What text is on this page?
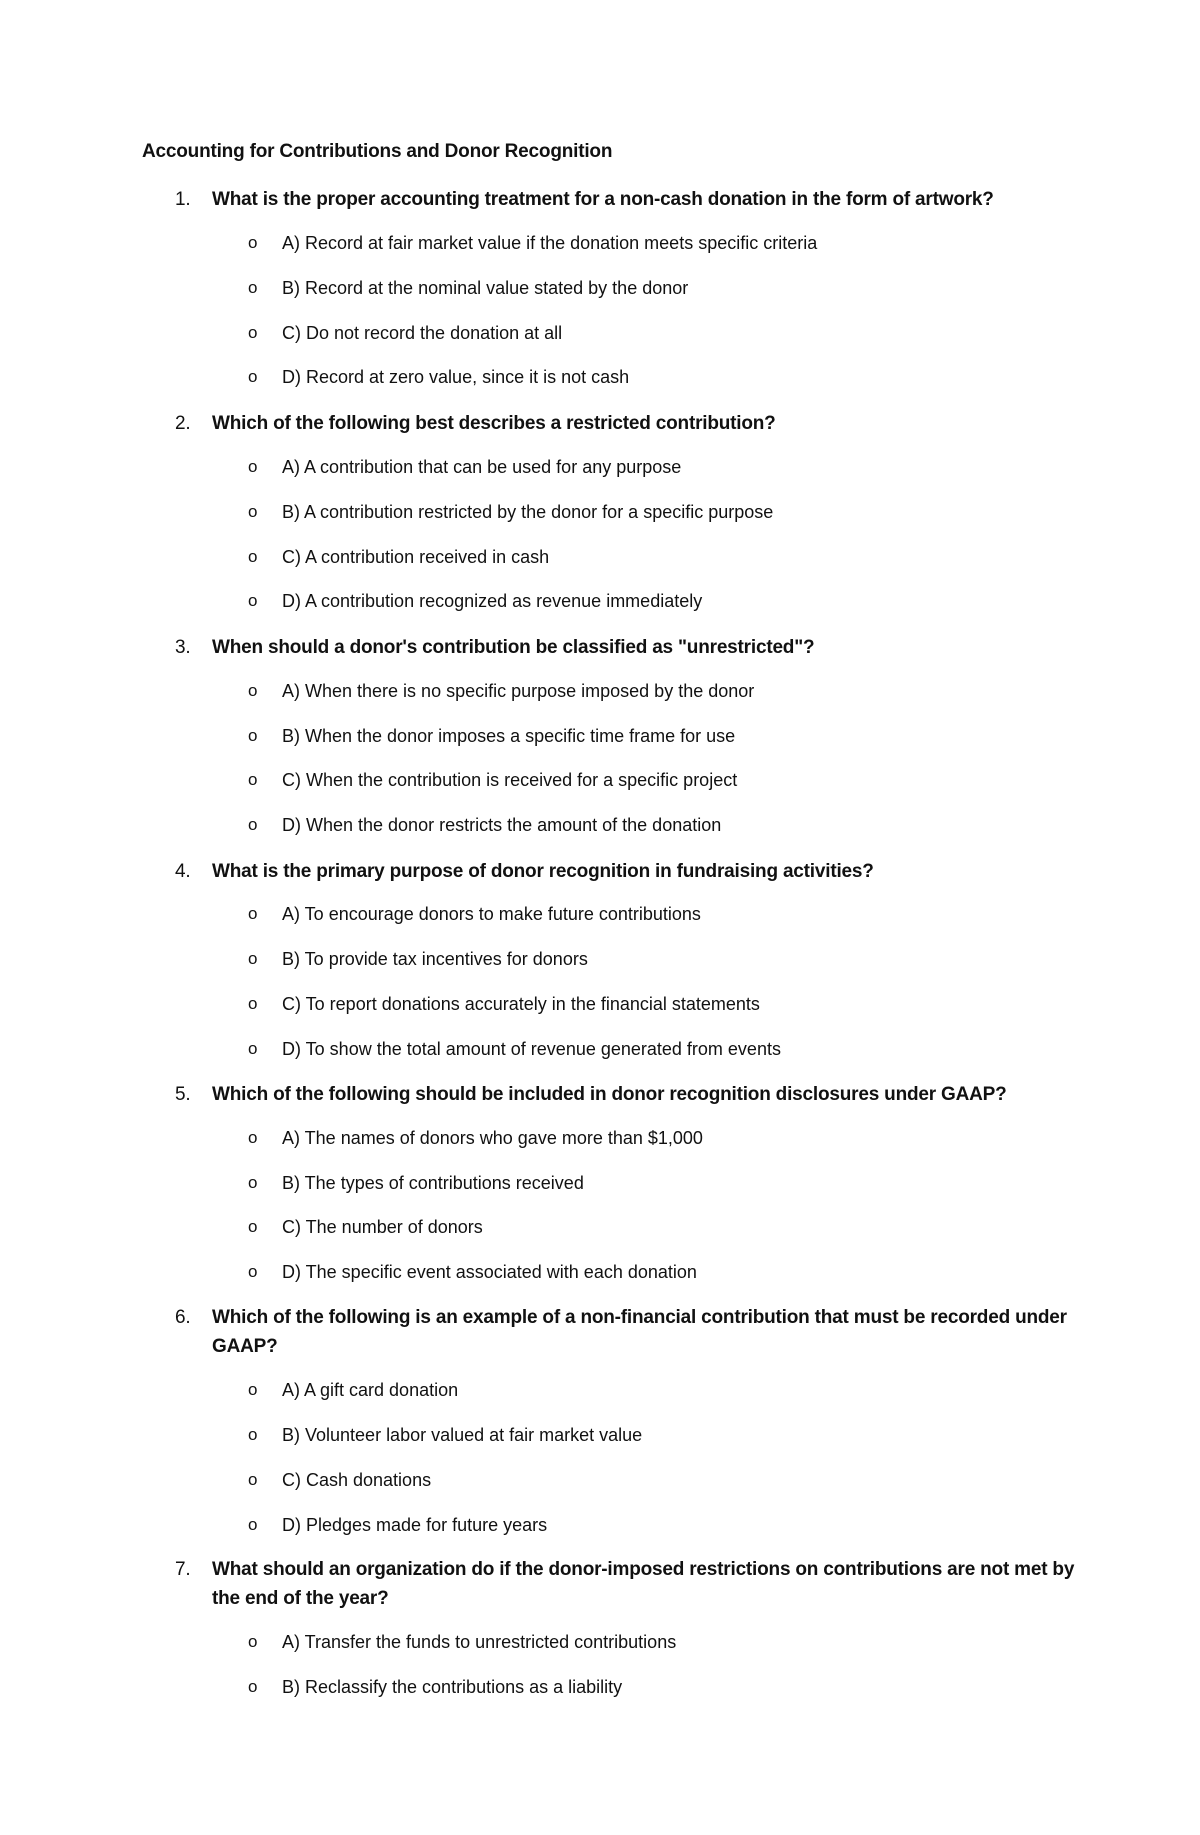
Accounting for Contributions and Donor Recognition
1. What is the proper accounting treatment for a non-cash donation in the form of artwork?
o A) Record at fair market value if the donation meets specific criteria
o B) Record at the nominal value stated by the donor
o C) Do not record the donation at all
o D) Record at zero value, since it is not cash
2. Which of the following best describes a restricted contribution?
o A) A contribution that can be used for any purpose
o B) A contribution restricted by the donor for a specific purpose
o C) A contribution received in cash
o D) A contribution recognized as revenue immediately
3. When should a donor's contribution be classified as "unrestricted"?
o A) When there is no specific purpose imposed by the donor
o B) When the donor imposes a specific time frame for use
o C) When the contribution is received for a specific project
o D) When the donor restricts the amount of the donation
4. What is the primary purpose of donor recognition in fundraising activities?
o A) To encourage donors to make future contributions
o B) To provide tax incentives for donors
o C) To report donations accurately in the financial statements
o D) To show the total amount of revenue generated from events
5. Which of the following should be included in donor recognition disclosures under GAAP?
o A) The names of donors who gave more than $1,000
o B) The types of contributions received
o C) The number of donors
o D) The specific event associated with each donation
6. Which of the following is an example of a non-financial contribution that must be recorded under GAAP?
o A) A gift card donation
o B) Volunteer labor valued at fair market value
o C) Cash donations
o D) Pledges made for future years
7. What should an organization do if the donor-imposed restrictions on contributions are not met by the end of the year?
o A) Transfer the funds to unrestricted contributions
o B) Reclassify the contributions as a liability
